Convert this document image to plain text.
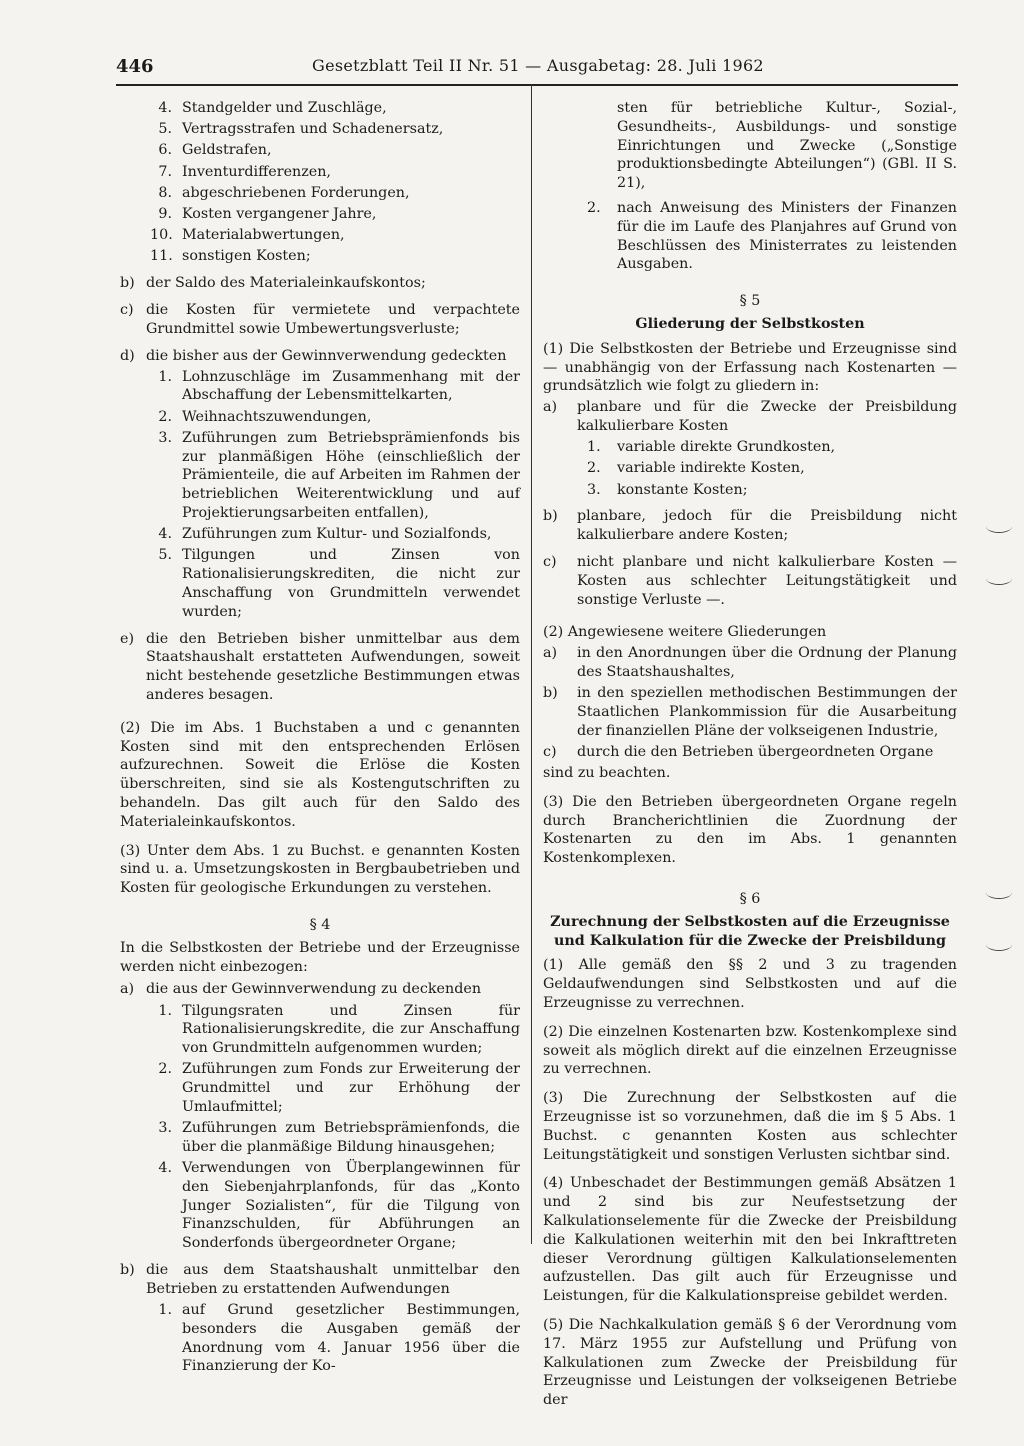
446	Gesetzblatt Teil II Nr. 51 — Ausgabetag: 28. Juli 1962
4. Standgelder und Zuschläge,
5. Vertragsstrafen und Schadenersatz,
6. Geldstrafen,
7. Inventurdifferenzen,
8. abgeschriebenen Forderungen,
9. Kosten vergangener Jahre,
10. Materialabwertungen,
11. sonstigen Kosten;
b) der Saldo des Materialeinkaufskontos;
c) die Kosten für vermietete und verpachtete Grundmittel sowie Umbewertungsverluste;
d) die bisher aus der Gewinnverwendung gedeckten
1. Lohnzuschläge im Zusammenhang mit der Abschaffung der Lebensmittelkarten,
2. Weihnachtszuwendungen,
3. Zuführungen zum Betriebsprämienfonds bis zur planmäßigen Höhe (einschließlich der Prämienteile, die auf Arbeiten im Rahmen der betrieblichen Weiterentwicklung und auf Projektierungsarbeiten entfallen),
4. Zuführungen zum Kultur- und Sozialfonds,
5. Tilgungen und Zinsen von Rationalisierungskrediten, die nicht zur Anschaffung von Grundmitteln verwendet wurden;
e) die den Betrieben bisher unmittelbar aus dem Staatshaushalt erstatteten Aufwendungen, soweit nicht bestehende gesetzliche Bestimmungen etwas anderes besagen.

(2) Die im Abs. 1 Buchstaben a und c genannten Kosten sind mit den entsprechenden Erlösen aufzurechnen. Soweit die Erlöse die Kosten überschreiten, sind sie als Kostengutschriften zu behandeln. Das gilt auch für den Saldo des Materialeinkaufskontos.

(3) Unter dem Abs. 1 zu Buchst. e genannten Kosten sind u. a. Umsetzungskosten in Bergbaubetrieben und Kosten für geologische Erkundungen zu verstehen.

§ 4

In die Selbstkosten der Betriebe und der Erzeugnisse werden nicht einbezogen:

a) die aus der Gewinnverwendung zu deckenden
1. Tilgungsraten und Zinsen für Rationalisierungskredite, die zur Anschaffung von Grundmitteln aufgenommen wurden;
2. Zuführungen zum Fonds zur Erweiterung der Grundmittel und zur Erhöhung der Umlaufmittel;
3. Zuführungen zum Betriebsprämienfonds, die über die planmäßige Bildung hinausgehen;
4. Verwendungen von Überplangewinnen für den Siebenjahrplanfonds, für das „Konto Junger Sozialisten“, für die Tilgung von Finanzschulden, für Abführungen an Sonderfonds übergeordneter Organe;
b) die aus dem Staatshaushalt unmittelbar den Betrieben zu erstattenden Aufwendungen
1. auf Grund gesetzlicher Bestimmungen, besonders die Ausgaben gemäß der Anordnung vom 4. Januar 1956 über die Finanzierung der Ko-
sten für betriebliche Kultur-, Sozial-, Gesundheits-, Ausbildungs- und sonstige Einrichtungen und Zwecke („Sonstige produktionsbedingte Abteilungen“) (GBl. II S. 21),
2.	nach Anweisung des Ministers der Finanzen für die im Laufe des Planjahres auf Grund von Beschlüssen des Ministerrates zu leistenden Ausgaben.
§ 5
Gliederung der Selbstkosten

(1) Die Selbstkosten der Betriebe und Erzeugnisse sind — unabhängig von der Erfassung nach Kostenarten — grundsätzlich wie folgt zu gliedern in:

a)	planbare und für die Zwecke der Preisbildung kalkulierbare Kosten
1.	variable direkte Grundkosten,
2.	variable indirekte Kosten,
3.	konstante Kosten;
b)	planbare, jedoch für die Preisbildung nicht kalkulierbare andere Kosten;
c)	nicht planbare und nicht kalkulierbare Kosten — Kosten aus schlechter Leitungstätigkeit und sonstige Verluste —.

(2) Angewiesene weitere Gliederungen

a)	in den Anordnungen über die Ordnung der Planung des Staatshaushaltes,
b)	in den speziellen methodischen Bestimmungen der Staatlichen Plankommission für die Ausarbeitung der finanziellen Pläne der volkseigenen Industrie,
c)	durch die den Betrieben übergeordneten Organe

sind zu beachten.

(3) Die den Betrieben übergeordneten Organe regeln durch Brancherichtlinien die Zuordnung der Kostenarten zu den im Abs. 1 genannten Kostenkomplexen.

§ 6
Zurechnung der Selbstkosten auf die Erzeugnisse und Kalkulation für die Zwecke der Preisbildung

(1) Alle gemäß den §§ 2 und 3 zu tragenden Geldaufwendungen sind Selbstkosten und auf die Erzeugnisse zu verrechnen.

(2) Die einzelnen Kostenarten bzw. Kostenkomplexe sind soweit als möglich direkt auf die einzelnen Erzeugnisse zu verrechnen.

(3) Die Zurechnung der Selbstkosten auf die Erzeugnisse ist so vorzunehmen, daß die im § 5 Abs. 1 Buchst. c genannten Kosten aus schlechter Leitungstätigkeit und sonstigen Verlusten sichtbar sind.

(4) Unbeschadet der Bestimmungen gemäß Absätzen 1 und 2 sind bis zur Neufestsetzung der Kalkulationselemente für die Zwecke der Preisbildung die Kalkulationen weiterhin mit den bei Inkrafttreten dieser Verordnung gültigen Kalkulationselementen aufzustellen. Das gilt auch für Erzeugnisse und Leistungen, für die Kalkulationspreise gebildet werden.

(5) Die Nachkalkulation gemäß § 6 der Verordnung vom 17. März 1955 zur Aufstellung und Prüfung von Kalkulationen zum Zwecke der Preisbildung für Erzeugnisse und Leistungen der volkseigenen Betriebe der
